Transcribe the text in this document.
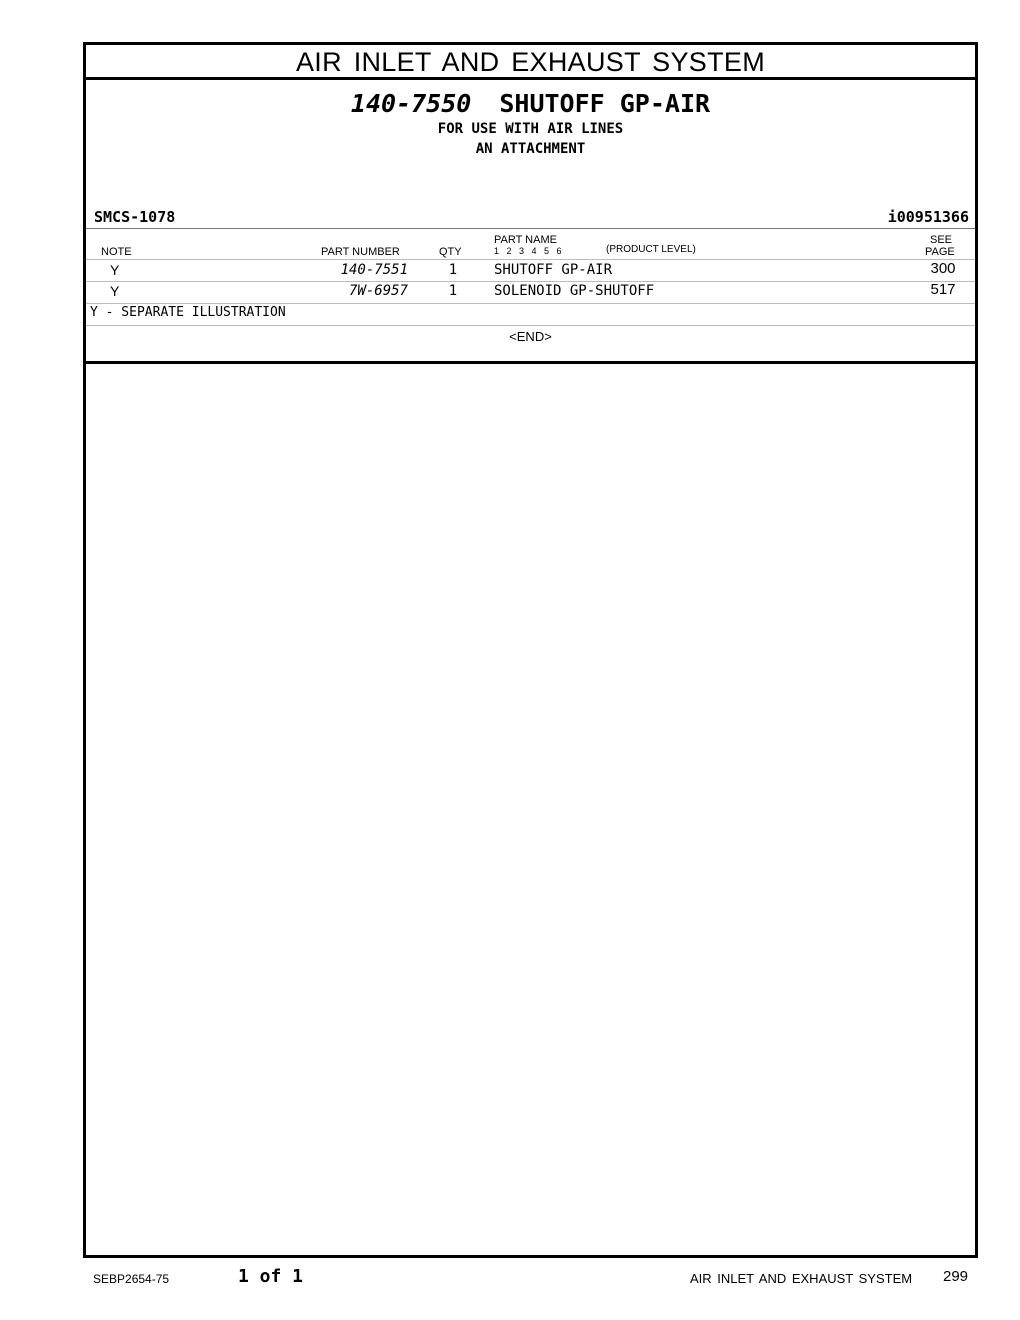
AIR INLET AND EXHAUST SYSTEM
140-7550 SHUTOFF GP-AIR
FOR USE WITH AIR LINES
AN ATTACHMENT
SMCS-1078	i00951366
NOTE	PART NUMBER	QTY
PART NAME
1   2   3   4   5   6	(PRODUCT LEVEL)
SEE
PAGE
Y	140-7551	1	SHUTOFF GP-AIR	300
Y	7W-6957	1	SOLENOID GP-SHUTOFF	517
Y - SEPARATE ILLUSTRATION
<END>
SEBP2654-75	1 of 1	AIR INLET AND EXHAUST SYSTEM 299
